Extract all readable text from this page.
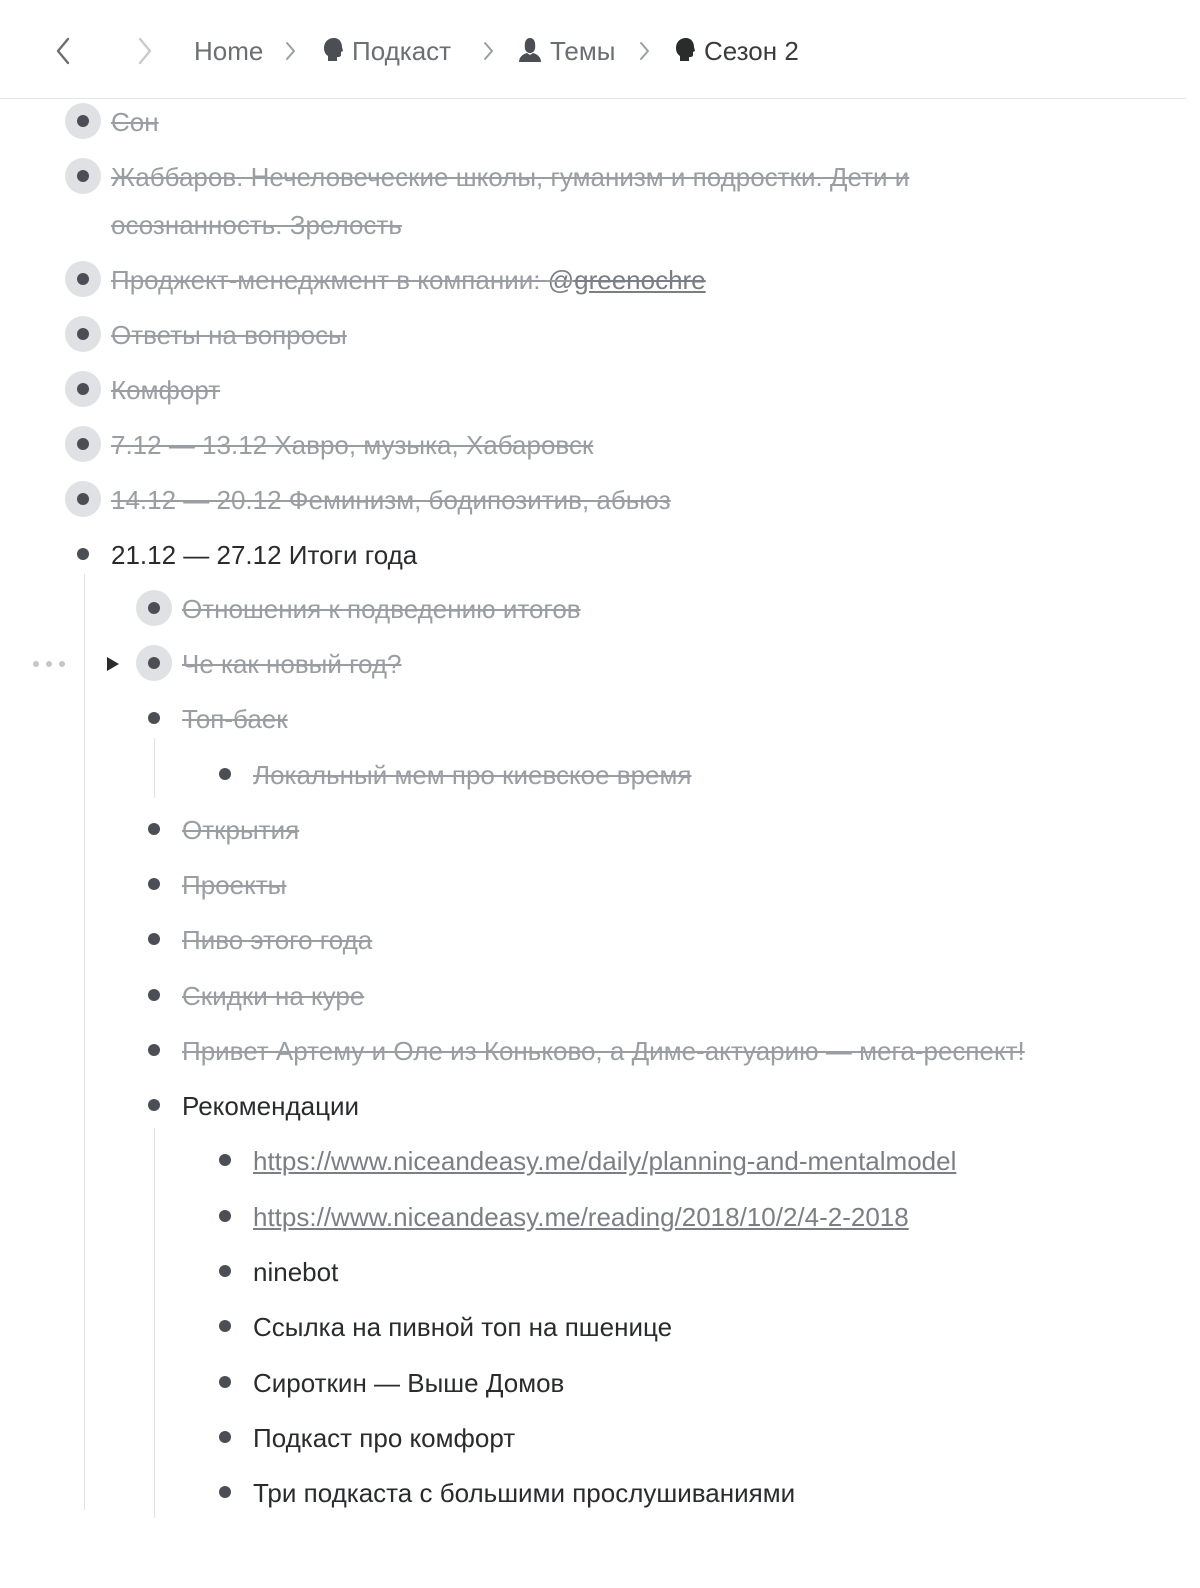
Home	Подкаст	Темы	Сезон 2
Сон
Жаббаров. Нечеловеческие школы, гуманизм и подростки. Дети и
осознанность. Зрелость
Проджект-менеджмент в компании: @greenochre
Ответы на вопросы
Комфорт
7.12 — 13.12 Хавро, музыка, Хабаровск
14.12 — 20.12 Феминизм, бодипозитив, абьюз
21.12 — 27.12 Итоги года
Отношения к подведению итогов
Че как новый год?
Топ-баек
Локальный мем про киевское время
Открытия
Проекты
Пиво этого года
Скидки на куре
Привет Артему и Оле из Коньково, а Диме-актуарию — мега-респект!
Рекомендации
https://www.niceandeasy.me/daily/planning-and-mentalmodel
https://www.niceandeasy.me/reading/2018/10/2/4-2-2018
ninebot
Ссылка на пивной топ на пшенице
Сироткин — Выше Домов
Подкаст про комфорт
Три подкаста с большими прослушиваниями
